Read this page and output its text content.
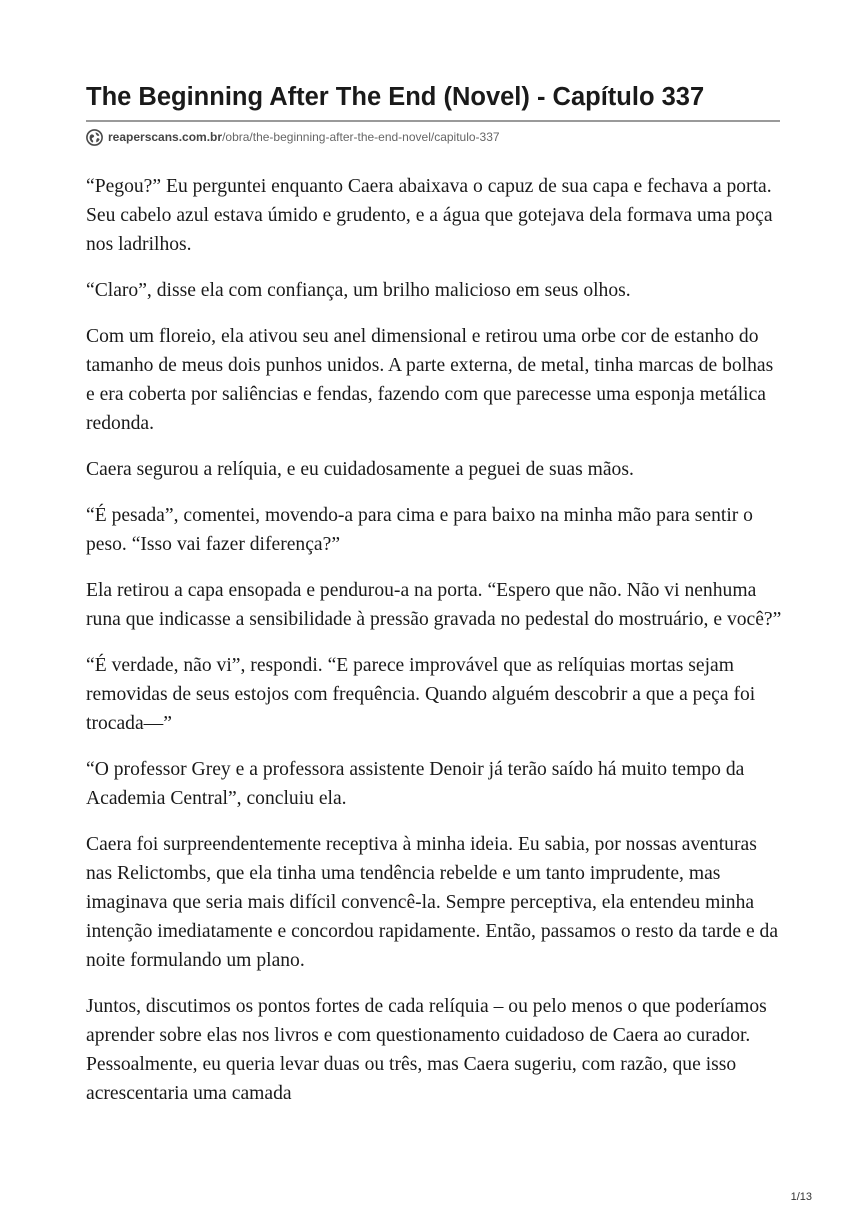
The Beginning After The End (Novel) - Capítulo 337
reaperscans.com.br /obra/the-beginning-after-the-end-novel/capitulo-337

“Pegou?” Eu perguntei enquanto Caera abaixava o capuz de sua capa e fechava a porta. Seu cabelo azul estava úmido e grudento, e a água que gotejava dela formava uma poça nos ladrilhos.

“Claro”, disse ela com confiança, um brilho malicioso em seus olhos.

Com um floreio, ela ativou seu anel dimensional e retirou uma orbe cor de estanho do tamanho de meus dois punhos unidos. A parte externa, de metal, tinha marcas de bolhas e era coberta por saliências e fendas, fazendo com que parecesse uma esponja metálica redonda.

Caera segurou a relíquia, e eu cuidadosamente a peguei de suas mãos.

“É pesada”, comentei, movendo-a para cima e para baixo na minha mão para sentir o peso. “Isso vai fazer diferença?”

Ela retirou a capa ensopada e pendurou-a na porta. “Espero que não. Não vi nenhuma runa que indicasse a sensibilidade à pressão gravada no pedestal do mostruário, e você?”

“É verdade, não vi”, respondi. “E parece improvável que as relíquias mortas sejam removidas de seus estojos com frequência. Quando alguém descobrir a que a peça foi trocada—”

“O professor Grey e a professora assistente Denoir já terão saído há muito tempo da Academia Central”, concluiu ela.

Caera foi surpreendentemente receptiva à minha ideia. Eu sabia, por nossas aventuras nas Relictombs, que ela tinha uma tendência rebelde e um tanto imprudente, mas imaginava que seria mais difícil convencê-la. Sempre perceptiva, ela entendeu minha intenção imediatamente e concordou rapidamente. Então, passamos o resto da tarde e da noite formulando um plano.

Juntos, discutimos os pontos fortes de cada relíquia – ou pelo menos o que poderíamos aprender sobre elas nos livros e com questionamento cuidadoso de Caera ao curador. Pessoalmente, eu queria levar duas ou três, mas Caera sugeriu, com razão, que isso acrescentaria uma camada

1/13
